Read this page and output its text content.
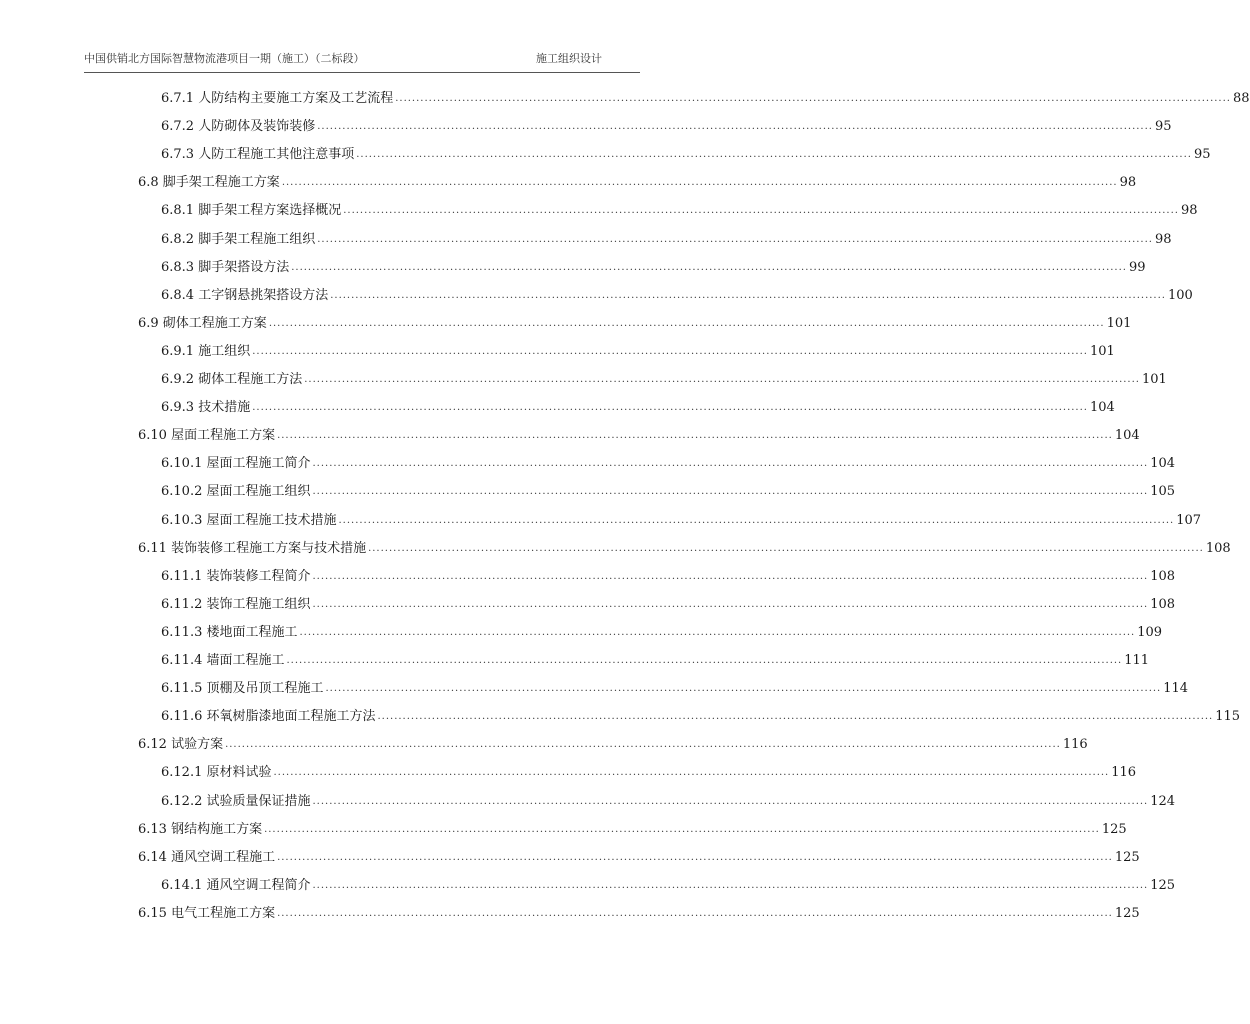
中国供销北方国际智慧物流港项目一期（施工）（二标段）	施工组织设计
6.7.1 人防结构主要施工方案及工艺流程 ........................................................................................................................................................................................................ 88
6.7.2 人防砌体及装饰装修 ........................................................................................................................................................................................................ 95
6.7.3 人防工程施工其他注意事项 ........................................................................................................................................................................................................ 95
6.8 脚手架工程施工方案 ........................................................................................................................................................................................................ 98
6.8.1 脚手架工程方案选择概况 ........................................................................................................................................................................................................ 98
6.8.2 脚手架工程施工组织 ........................................................................................................................................................................................................ 98
6.8.3 脚手架搭设方法 ........................................................................................................................................................................................................ 99
6.8.4 工字钢悬挑架搭设方法 ........................................................................................................................................................................................................ 100
6.9 砌体工程施工方案 ........................................................................................................................................................................................................ 101
6.9.1 施工组织 ........................................................................................................................................................................................................ 101
6.9.2 砌体工程施工方法 ........................................................................................................................................................................................................ 101
6.9.3 技术措施 ........................................................................................................................................................................................................ 104
6.10 屋面工程施工方案 ........................................................................................................................................................................................................ 104
6.10.1 屋面工程施工简介 ........................................................................................................................................................................................................ 104
6.10.2 屋面工程施工组织 ........................................................................................................................................................................................................ 105
6.10.3 屋面工程施工技术措施 ........................................................................................................................................................................................................ 107
6.11 装饰装修工程施工方案与技术措施 ........................................................................................................................................................................................................ 108
6.11.1 装饰装修工程简介 ........................................................................................................................................................................................................ 108
6.11.2 装饰工程施工组织 ........................................................................................................................................................................................................ 108
6.11.3 楼地面工程施工 ........................................................................................................................................................................................................ 109
6.11.4 墙面工程施工 ........................................................................................................................................................................................................ 111
6.11.5 顶棚及吊顶工程施工 ........................................................................................................................................................................................................ 114
6.11.6 环氧树脂漆地面工程施工方法 ........................................................................................................................................................................................................ 115
6.12 试验方案 ........................................................................................................................................................................................................ 116
6.12.1 原材料试验 ........................................................................................................................................................................................................ 116
6.12.2 试验质量保证措施 ........................................................................................................................................................................................................ 124
6.13 钢结构施工方案 ........................................................................................................................................................................................................ 125
6.14 通风空调工程施工 ........................................................................................................................................................................................................ 125
6.14.1 通风空调工程简介 ........................................................................................................................................................................................................ 125
6.15 电气工程施工方案 ........................................................................................................................................................................................................ 125
